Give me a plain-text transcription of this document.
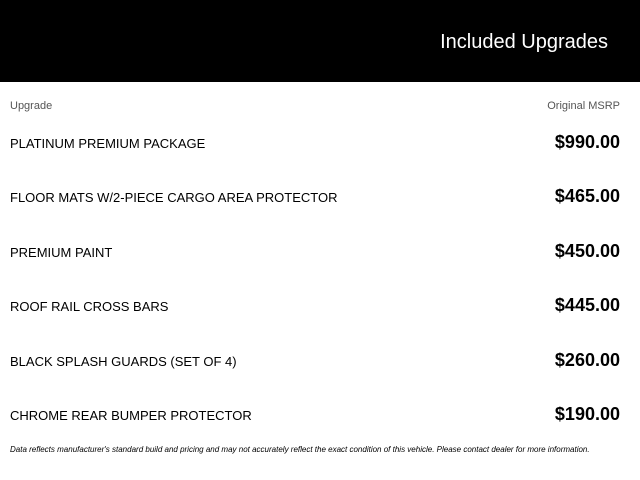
Included Upgrades
Upgrade	Original MSRP
PLATINUM PREMIUM PACKAGE	$990.00
FLOOR MATS W/2-PIECE CARGO AREA PROTECTOR	$465.00
PREMIUM PAINT	$450.00
ROOF RAIL CROSS BARS	$445.00
BLACK SPLASH GUARDS (SET OF 4)	$260.00
CHROME REAR BUMPER PROTECTOR	$190.00
Data reflects manufacturer's standard build and pricing and may not accurately reflect the exact condition of this vehicle. Please contact dealer for more information.
